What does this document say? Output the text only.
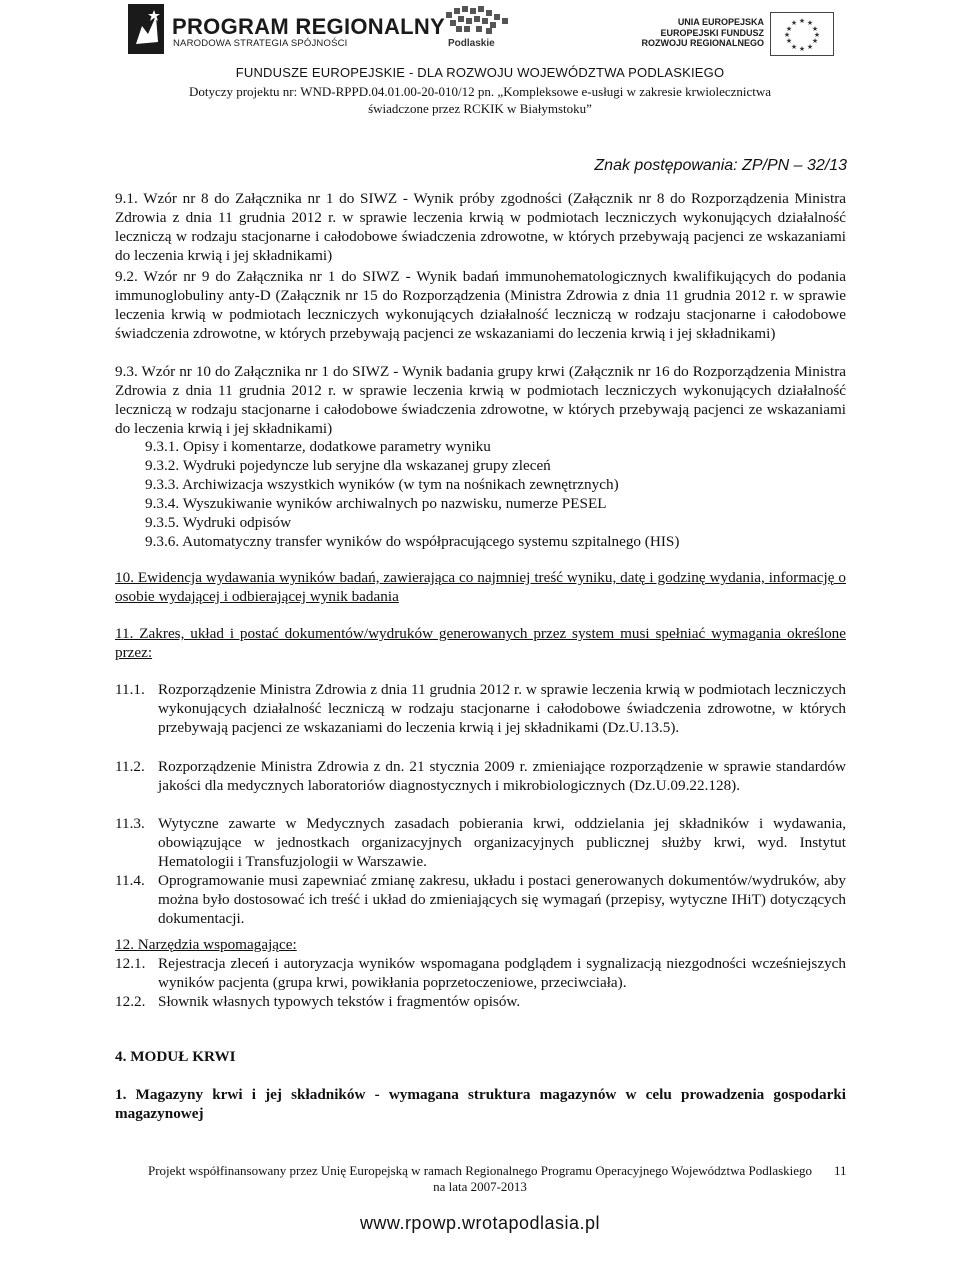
PROGRAM REGIONALNY
NARODOWA STRATEGIA SPÓJNOŚCI	Podlaskie
UNIA EUROPEJSKA
EUROPEJSKI FUNDUSZ
ROZWOJU REGIONALNEGO
★ ★
★
★
★
★
★
★
★
★
★
★
FUNDUSZE EUROPEJSKIE - DLA ROZWOJU WOJEWÓDZTWA PODLASKIEGO
Dotyczy projektu nr: WND-RPPD.04.01.00-20-010/12 pn. „Kompleksowe e-usługi w zakresie krwiolecznictwa
świadczone przez RCKIK w Białymstoku”
Znak postępowania: ZP/PN – 32/13
9.1. Wzór nr 8 do Załącznika nr 1 do SIWZ - Wynik próby zgodności (Załącznik nr 8 do Rozporządzenia Ministra Zdrowia z dnia 11 grudnia 2012 r. w sprawie leczenia krwią w podmiotach leczniczych wykonujących działalność leczniczą w rodzaju stacjonarne i całodobowe świadczenia zdrowotne, w których przebywają pacjenci ze wskazaniami do leczenia krwią i jej składnikami)
9.2. Wzór nr 9 do Załącznika nr 1 do SIWZ - Wynik badań immunohematologicznych kwalifikujących do podania immunoglobuliny anty-D (Załącznik nr 15 do Rozporządzenia (Ministra Zdrowia z dnia 11 grudnia 2012 r. w sprawie leczenia krwią w podmiotach leczniczych wykonujących działalność leczniczą w rodzaju stacjonarne i całodobowe świadczenia zdrowotne, w których przebywają pacjenci ze wskazaniami do leczenia krwią i jej składnikami)
9.3. Wzór nr 10 do Załącznika nr 1 do SIWZ - Wynik badania grupy krwi (Załącznik nr 16 do Rozporządzenia Ministra Zdrowia z dnia 11 grudnia 2012 r. w sprawie leczenia krwią w podmiotach leczniczych wykonujących działalność leczniczą w rodzaju stacjonarne i całodobowe świadczenia zdrowotne, w których przebywają pacjenci ze wskazaniami do leczenia krwią i jej składnikami)
9.3.1. Opisy i komentarze, dodatkowe parametry wyniku
9.3.2. Wydruki pojedyncze lub seryjne dla wskazanej grupy zleceń
9.3.3. Archiwizacja wszystkich wyników (w tym na nośnikach zewnętrznych)
9.3.4. Wyszukiwanie wyników archiwalnych po nazwisku, numerze PESEL
9.3.5. Wydruki odpisów
9.3.6. Automatyczny transfer wyników do współpracującego systemu szpitalnego (HIS)
10. Ewidencja wydawania wyników badań, zawierająca co najmniej treść wyniku, datę i godzinę wydania, informację o osobie wydającej i odbierającej wynik badania
11. Zakres, układ i postać dokumentów/wydruków generowanych przez system musi spełniać wymagania określone przez:
11.1. Rozporządzenie Ministra Zdrowia z dnia 11 grudnia 2012 r. w sprawie leczenia krwią w podmiotach leczniczych wykonujących działalność leczniczą w rodzaju stacjonarne i całodobowe świadczenia zdrowotne, w których przebywają pacjenci ze wskazaniami do leczenia krwią i jej składnikami (Dz.U.13.5).
11.2. Rozporządzenie Ministra Zdrowia z dn. 21 stycznia 2009 r. zmieniające rozporządzenie w sprawie standardów jakości dla medycznych laboratoriów diagnostycznych i mikrobiologicznych (Dz.U.09.22.128).
11.3. Wytyczne zawarte w Medycznych zasadach pobierania krwi, oddzielania jej składników i wydawania, obowiązujące w jednostkach organizacyjnych organizacyjnych publicznej służby krwi, wyd. Instytut Hematologii i Transfuzjologii w Warszawie.
11.4. Oprogramowanie musi zapewniać zmianę zakresu, układu i postaci generowanych dokumentów/wydruków, aby można było dostosować ich treść i układ do zmieniających się wymagań (przepisy, wytyczne IHiT) dotyczących dokumentacji.
12. Narzędzia wspomagające:
12.1. Rejestracja zleceń i autoryzacja wyników wspomagana podglądem i sygnalizacją niezgodności wcześniejszych wyników pacjenta (grupa krwi, powikłania poprzetoczeniowe, przeciwciała).
12.2. Słownik własnych typowych tekstów i fragmentów opisów.
4. MODUŁ KRWI
1. Magazyny krwi i jej składników - wymagana struktura magazynów w celu prowadzenia gospodarki magazynowej
Projekt współfinansowany przez Unię Europejską w ramach Regionalnego Programu Operacyjnego Województwa Podlaskiego
na lata 2007-2013
11
www.rpowp.wrotapodlasia.pl
